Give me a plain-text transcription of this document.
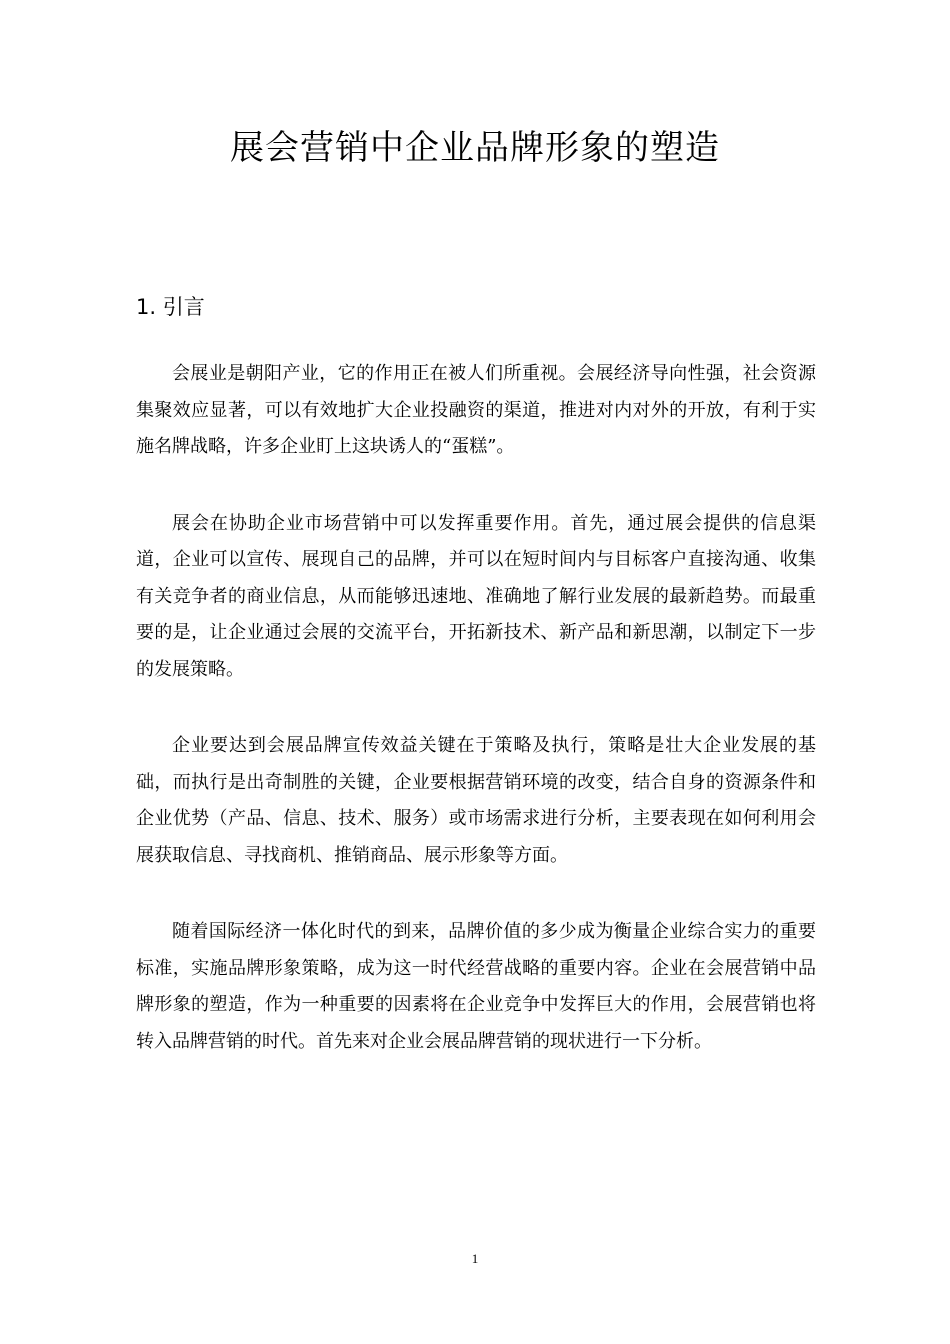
展会营销中企业品牌形象的塑造
1. 引言

会展业是朝阳产业，它的作用正在被人们所重视。会展经济导向性强，社会资源集聚效应显著，可以有效地扩大企业投融资的渠道，推进对内对外的开放，有利于实施名牌战略，许多企业盯上这块诱人的“蛋糕”。

展会在协助企业市场营销中可以发挥重要作用。首先，通过展会提供的信息渠道，企业可以宣传、展现自己的品牌，并可以在短时间内与目标客户直接沟通、收集有关竞争者的商业信息，从而能够迅速地、准确地了解行业发展的最新趋势。而最重要的是，让企业通过会展的交流平台，开拓新技术、新产品和新思潮，以制定下一步的发展策略。

企业要达到会展品牌宣传效益关键在于策略及执行，策略是壮大企业发展的基础，而执行是出奇制胜的关键，企业要根据营销环境的改变，结合自身的资源条件和企业优势（产品、信息、技术、服务）或市场需求进行分析，主要表现在如何利用会展获取信息、寻找商机、推销商品、展示形象等方面。

随着国际经济一体化时代的到来，品牌价值的多少成为衡量企业综合实力的重要标准，实施品牌形象策略，成为这一时代经营战略的重要内容。企业在会展营销中品牌形象的塑造，作为一种重要的因素将在企业竞争中发挥巨大的作用，会展营销也将转入品牌营销的时代。首先来对企业会展品牌营销的现状进行一下分析。

1
